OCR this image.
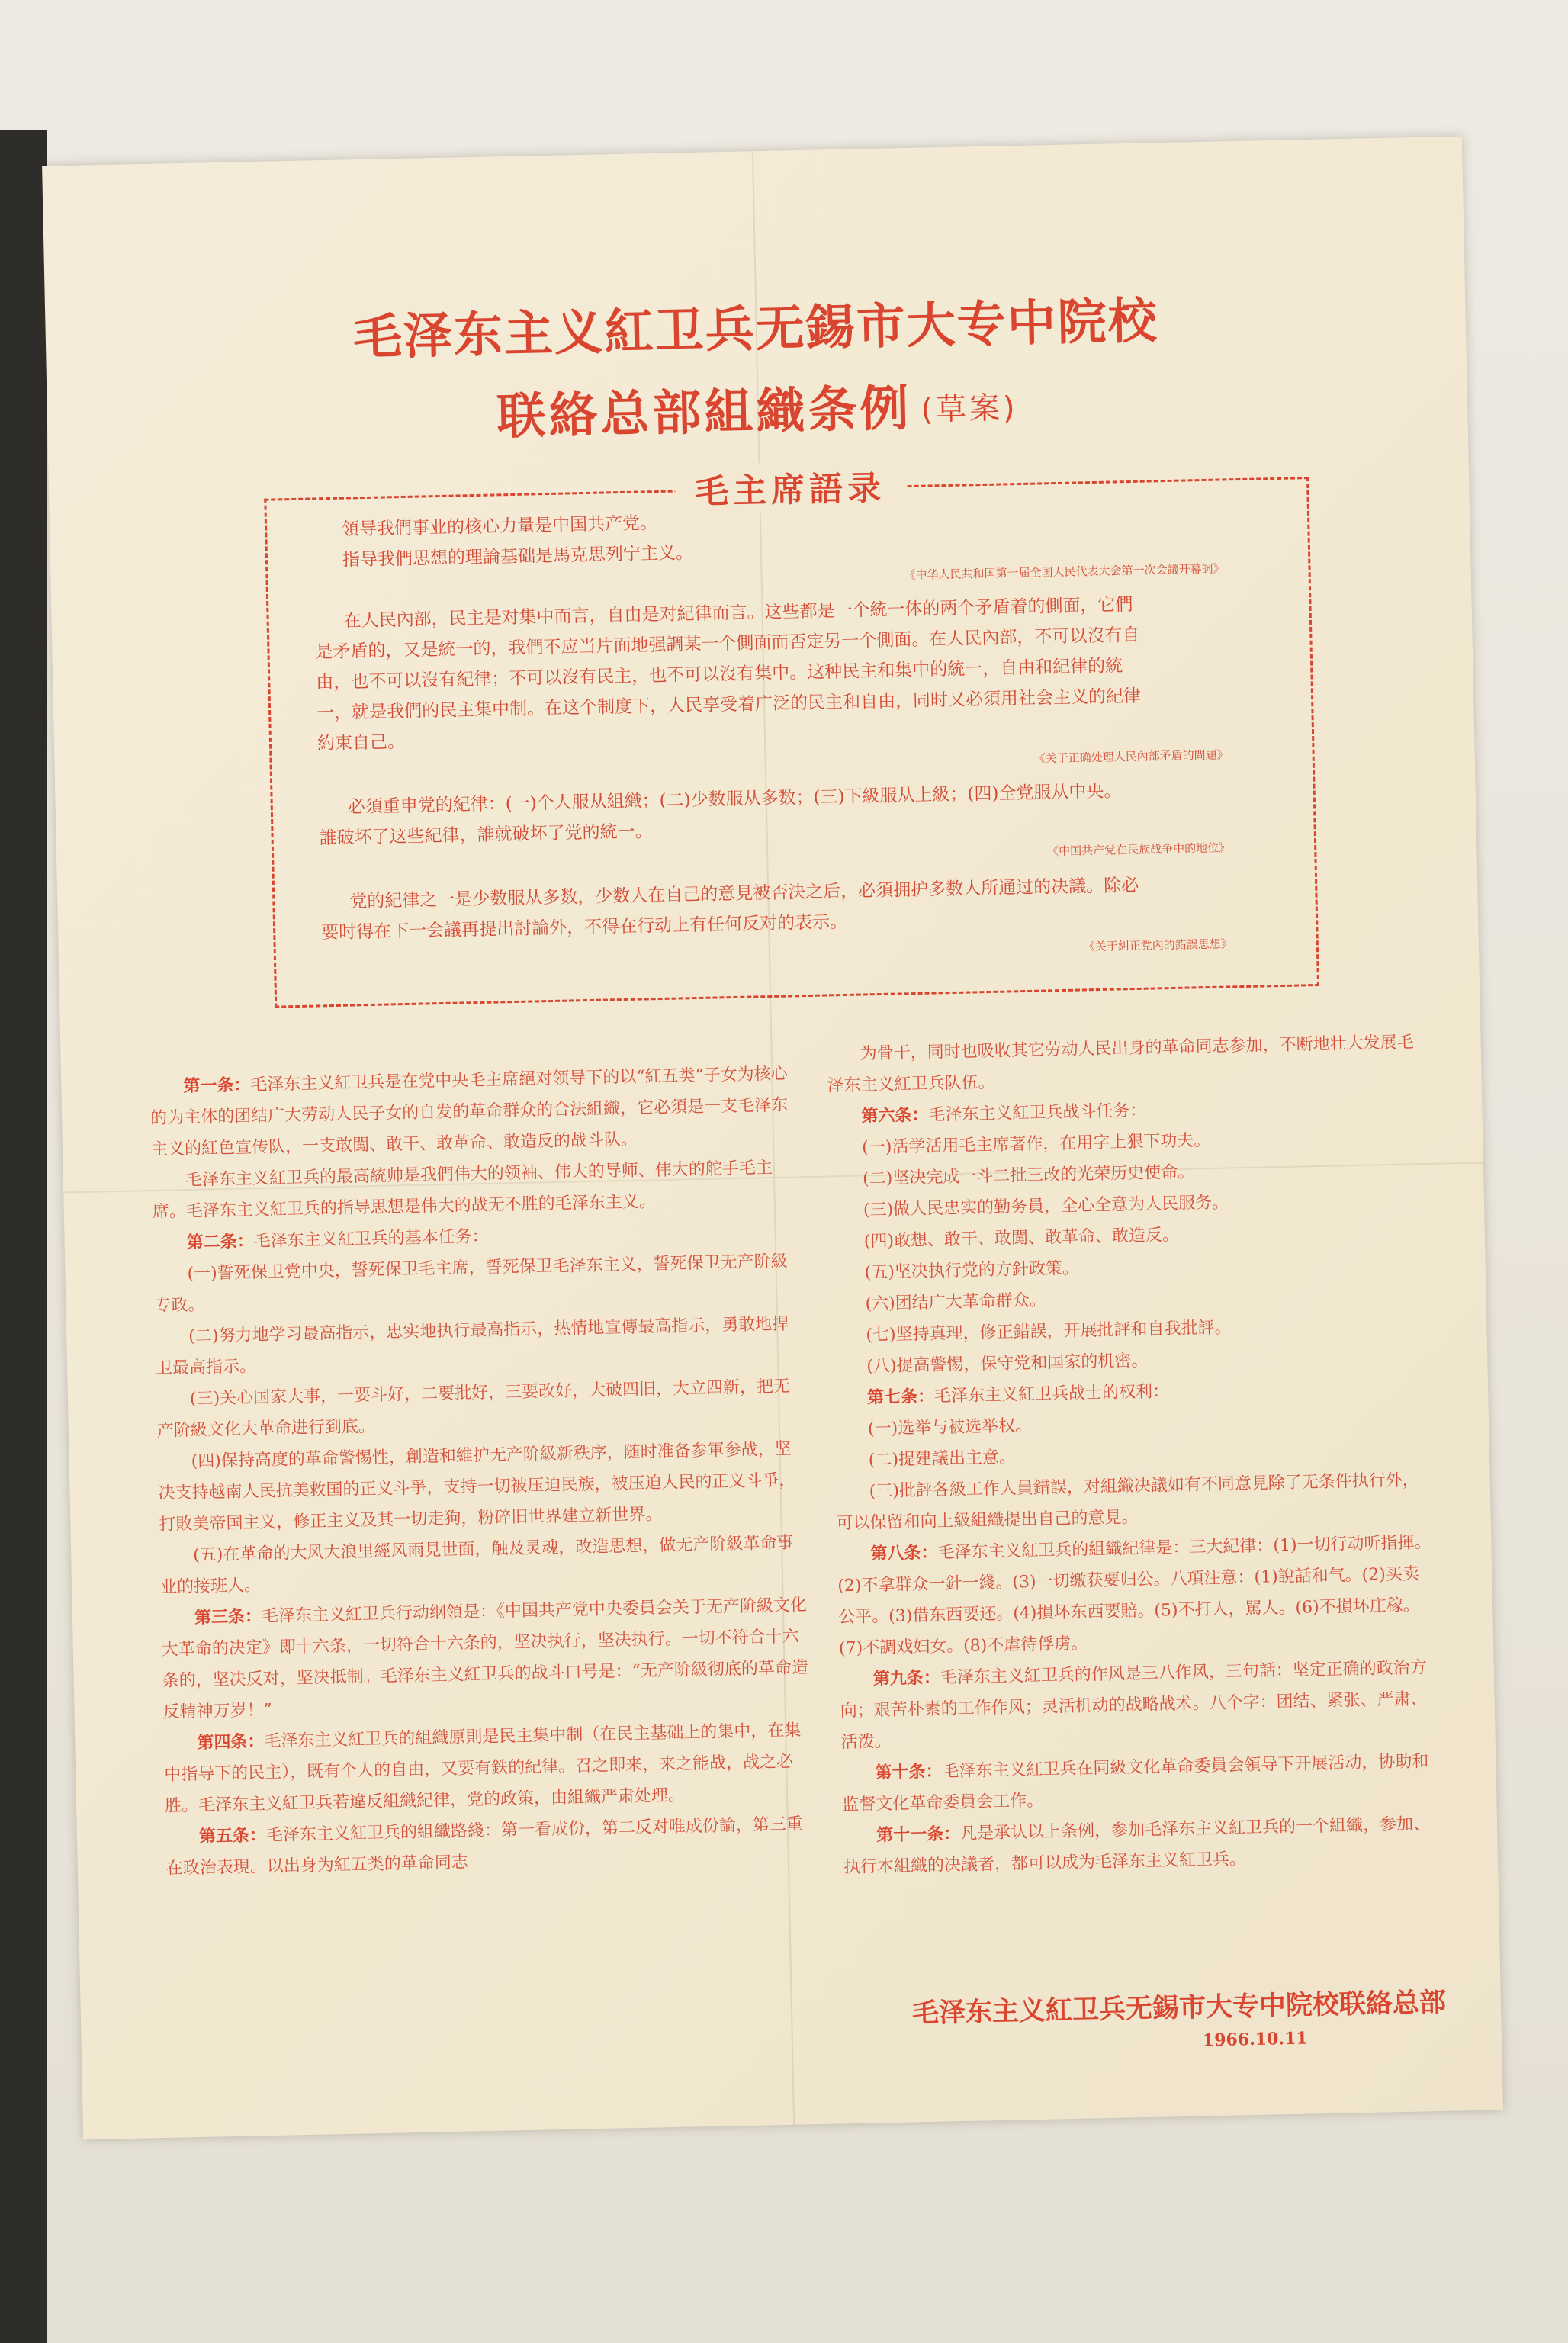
毛泽东主义紅卫兵无錫市大专中院校
联絡总部組織条例 (草案)
毛主席語录
領导我們事业的核心力量是中国共产党。
指导我們思想的理論基础是馬克思列宁主义。
《中华人民共和国第一届全国人民代表大会第一次会議开幕詞》
在人民內部，民主是对集中而言，自由是对紀律而言。这些都是一个統一体的两个矛盾着的側面，它們
是矛盾的，又是統一的，我們不应当片面地强調某一个側面而否定另一个側面。在人民內部，不可以沒有自
由，也不可以沒有紀律；不可以沒有民主，也不可以沒有集中。这种民主和集中的統一，自由和紀律的統
一，就是我們的民主集中制。在这个制度下，人民享受着广泛的民主和自由，同时又必須用社会主义的紀律
約束自己。
《关于正确处理人民內部矛盾的問題》
必須重申党的紀律：(一)个人服从組織；(二)少数服从多数；(三)下級服从上級；(四)全党服从中央。
誰破坏了这些紀律，誰就破坏了党的統一。
《中国共产党在民族战争中的地位》
党的紀律之一是少数服从多数，少数人在自己的意見被否決之后，必須拥护多数人所通过的决議。除必
要时得在下一会議再提出討論外，不得在行动上有任何反对的表示。
《关于糾正党內的錯誤思想》

第一条：毛泽东主义紅卫兵是在党中央毛主席絕对领导下的以“紅五类”子女为核心的为主体的团结广大劳动人民子女的自发的革命群众的合法組織，它必須是一支毛泽东主义的紅色宣传队，一支敢闖、敢干、敢革命、敢造反的战斗队。

毛泽东主义紅卫兵的最高統帅是我們伟大的领袖、伟大的导师、伟大的舵手毛主席。毛泽东主义紅卫兵的指导思想是伟大的战无不胜的毛泽东主义。

第二条：毛泽东主义紅卫兵的基本任务：

(一)誓死保卫党中央，誓死保卫毛主席，誓死保卫毛泽东主义，誓死保卫无产阶級专政。

(二)努力地学习最高指示，忠实地执行最高指示，热情地宣傳最高指示，勇敢地捍卫最高指示。

(三)关心国家大事，一要斗好，二要批好，三要改好，大破四旧，大立四新，把无产阶級文化大革命进行到底。

(四)保持高度的革命警惕性，創造和維护无产阶級新秩序，随时准备参軍参战，坚决支持越南人民抗美救国的正义斗爭，支持一切被压迫民族，被压迫人民的正义斗爭，打敗美帝国主义，修正主义及其一切走狗，粉碎旧世界建立新世界。

(五)在革命的大风大浪里經风雨見世面，触及灵魂，改造思想，做无产阶級革命事业的接班人。

第三条：毛泽东主义紅卫兵行动纲領是：《中国共产党中央委員会关于无产阶級文化大革命的决定》即十六条，一切符合十六条的，坚决执行，坚决执行。一切不符合十六条的，坚决反对，坚决抵制。毛泽东主义紅卫兵的战斗口号是：“无产阶級彻底的革命造反精神万岁！”

第四条：毛泽东主义紅卫兵的組織原則是民主集中制（在民主基础上的集中，在集中指导下的民主），既有个人的自由，又要有鉄的紀律。召之即来，来之能战，战之必胜。毛泽东主义紅卫兵若違反組織紀律，党的政策，由組織严肃处理。

第五条：毛泽东主义紅卫兵的組織路綫：第一看成份，第二反对唯成份論，第三重在政治表現。以出身为紅五类的革命同志

为骨干，同时也吸收其它劳动人民出身的革命同志参加，不断地壮大发展毛泽东主义紅卫兵队伍。

第六条：毛泽东主义紅卫兵战斗任务：

(一)活学活用毛主席著作，在用字上狠下功夫。

(二)坚决完成一斗二批三改的光荣历史使命。

(三)做人民忠实的勤务員，全心全意为人民服务。

(四)敢想、敢干、敢闖、敢革命、敢造反。

(五)坚决执行党的方針政策。

(六)团结广大革命群众。

(七)坚持真理，修正錯誤，开展批評和自我批評。

(八)提高警惕，保守党和国家的机密。

第七条：毛泽东主义紅卫兵战士的权利：

(一)选举与被选举权。

(二)提建議出主意。

(三)批評各級工作人員錯誤，对組織决議如有不同意見除了无条件执行外，可以保留和向上級組織提出自己的意見。

第八条：毛泽东主义紅卫兵的組織紀律是：三大紀律：(1)一切行动听指揮。(2)不拿群众一針一綫。(3)一切缴获要归公。八項注意：(1)說話和气。(2)买卖公平。(3)借东西要还。(4)損坏东西要賠。(5)不打人，駡人。(6)不損坏庄稼。(7)不調戏妇女。(8)不虐待俘虏。

第九条：毛泽东主义紅卫兵的作风是三八作风，三句話：坚定正确的政治方向；艰苦朴素的工作作风；灵活机动的战略战术。八个字：团结、紧张、严肃、活泼。

第十条：毛泽东主义紅卫兵在同級文化革命委員会領导下开展活动，协助和监督文化革命委員会工作。

第十一条：凡是承认以上条例，参加毛泽东主义紅卫兵的一个組織，参加、执行本組織的决議者，都可以成为毛泽东主义紅卫兵。

毛泽东主义紅卫兵无錫市大专中院校联絡总部
1966.10.11
